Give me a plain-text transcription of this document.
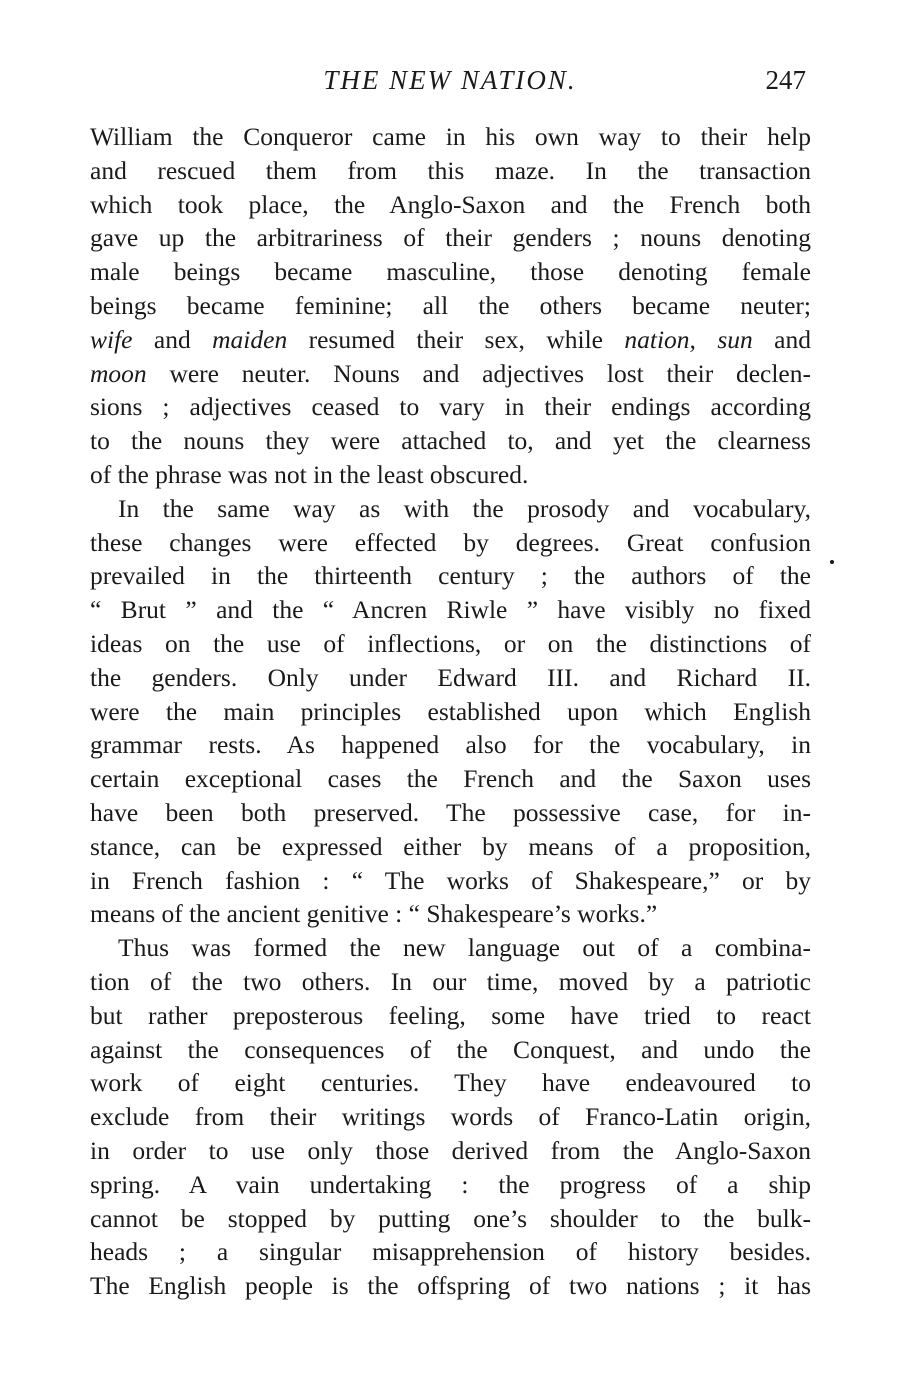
THE NEW NATION.	247
William the Conqueror came in his own way to their help
and rescued them from this maze. In the transaction
which took place, the Anglo-Saxon and the French both
gave up the arbitrariness of their genders ; nouns denoting
male beings became masculine, those denoting female
beings became feminine; all the others became neuter;
wife and maiden resumed their sex, while nation, sun and
moon were neuter. Nouns and adjectives lost their declen-
sions ; adjectives ceased to vary in their endings according
to the nouns they were attached to, and yet the clearness
of the phrase was not in the least obscured.
In the same way as with the prosody and vocabulary,
these changes were effected by degrees. Great confusion
prevailed in the thirteenth century ; the authors of the
“ Brut ” and the “ Ancren Riwle ” have visibly no fixed
ideas on the use of inflections, or on the distinctions of
the genders. Only under Edward III. and Richard II.
were the main principles established upon which English
grammar rests. As happened also for the vocabulary, in
certain exceptional cases the French and the Saxon uses
have been both preserved. The possessive case, for in-
stance, can be expressed either by means of a proposition,
in French fashion : “ The works of Shakespeare,” or by
means of the ancient genitive : “ Shakespeare’s works.”
Thus was formed the new language out of a combina-
tion of the two others. In our time, moved by a patriotic
but rather preposterous feeling, some have tried to react
against the consequences of the Conquest, and undo the
work of eight centuries. They have endeavoured to
exclude from their writings words of Franco-Latin origin,
in order to use only those derived from the Anglo-Saxon
spring. A vain undertaking : the progress of a ship
cannot be stopped by putting one’s shoulder to the bulk-
heads ; a singular misapprehension of history besides.
The English people is the offspring of two nations ; it has
